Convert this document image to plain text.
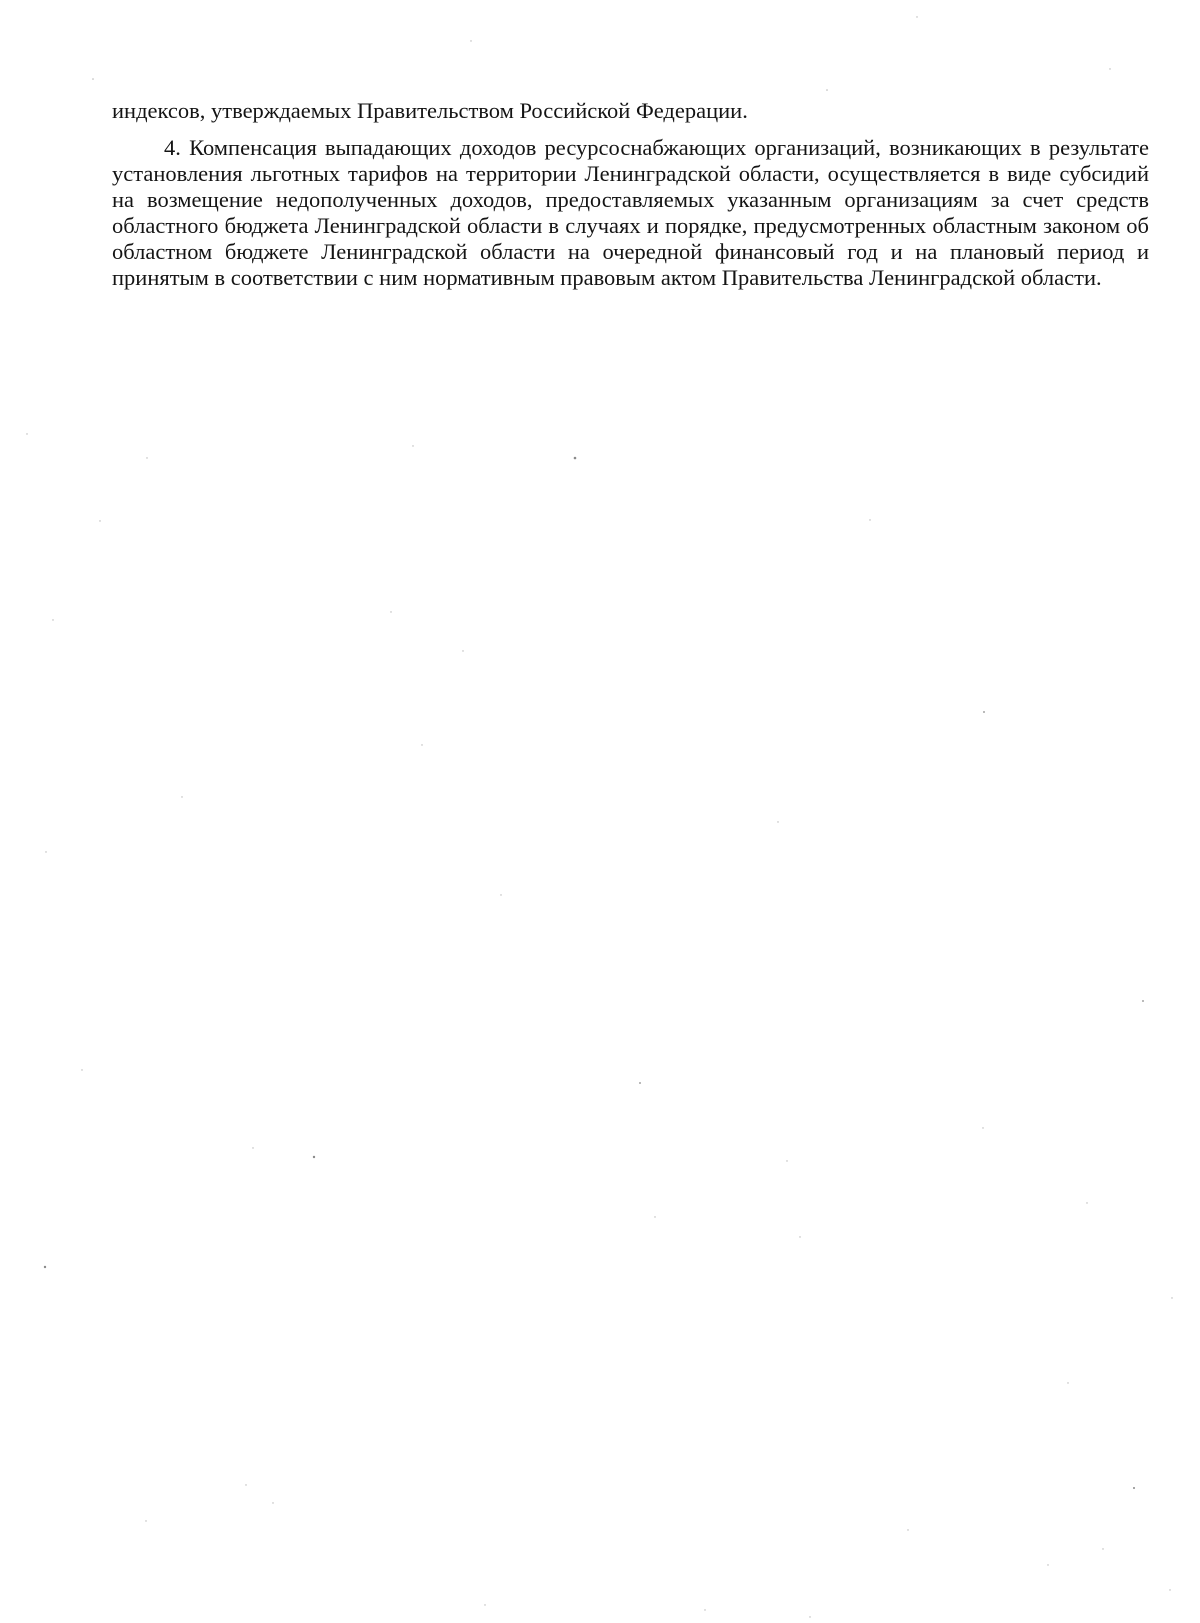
индексов, утверждаемых Правительством Российской Федерации.

4. Компенсация выпадающих доходов ресурсоснабжающих организаций, возникающих в результате установления льготных тарифов на территории Ленинградской области, осуществляется в виде субсидий на возмещение недополученных доходов, предоставляемых указанным организациям за счет средств областного бюджета Ленинградской области в случаях и порядке, предусмотренных областным законом об областном бюджете Ленинградской области на очередной финансовый год и на плановый период и принятым в соответствии с ним нормативным правовым актом Правительства Ленинградской области.
